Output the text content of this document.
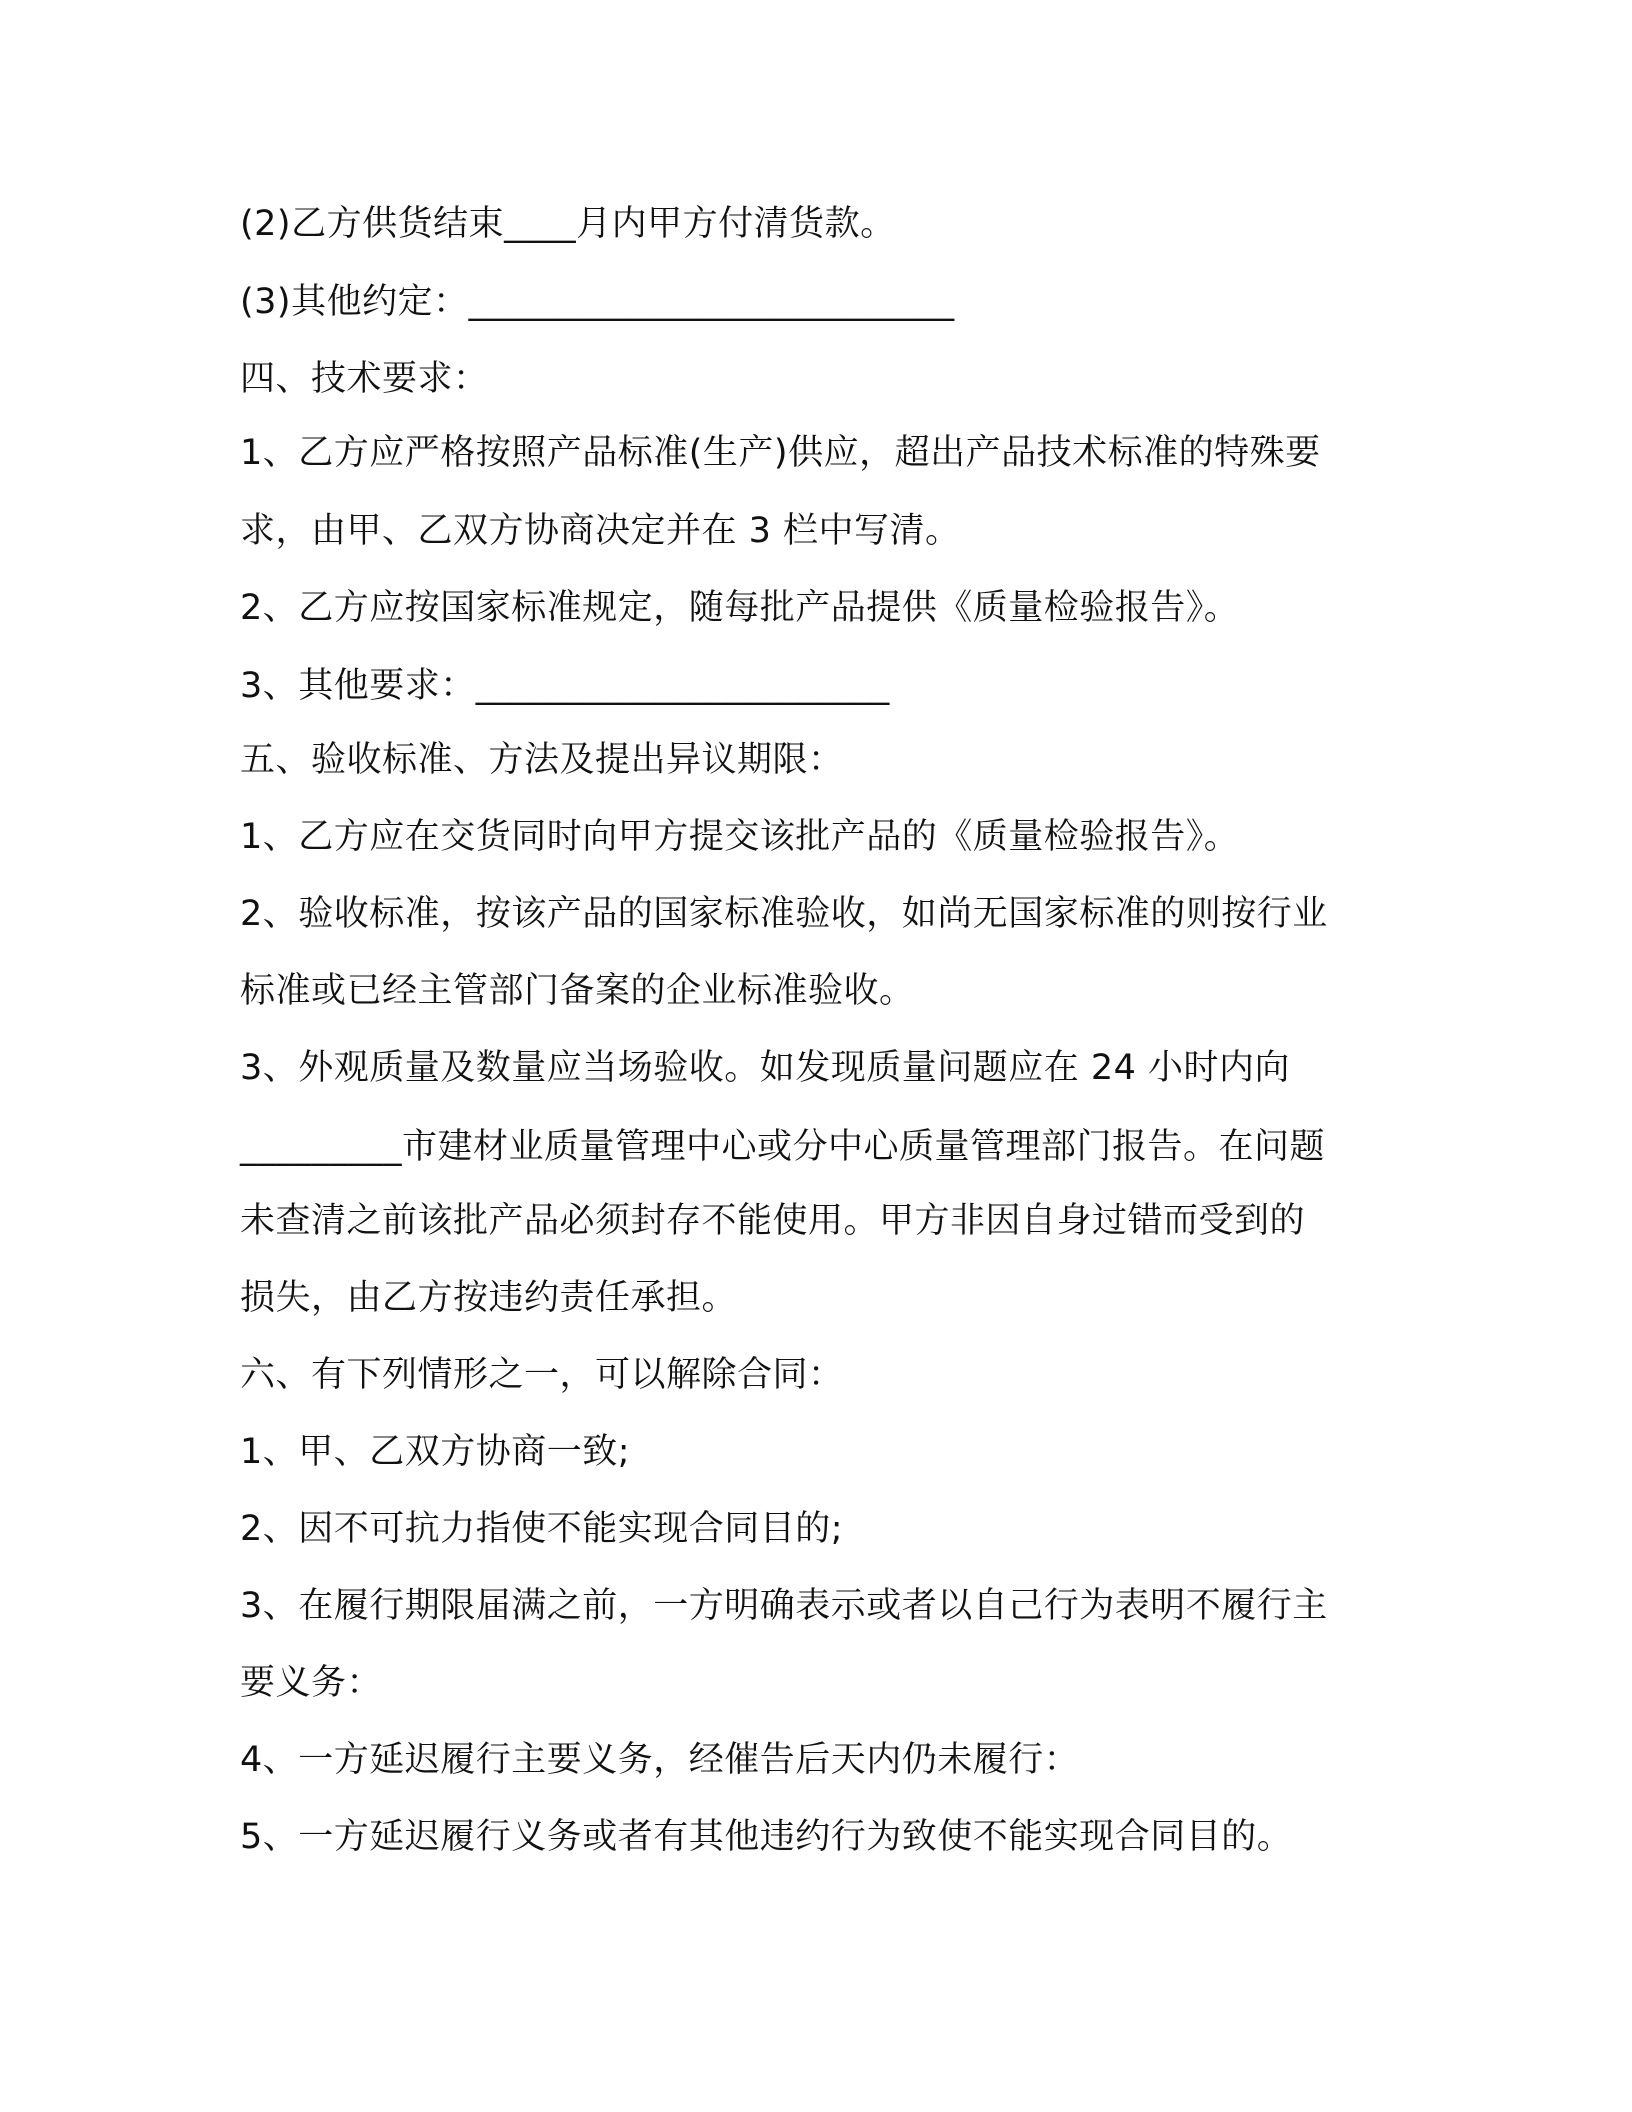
(2)乙方供货结束____月内甲方付清货款。
(3)其他约定：___________________________
四、技术要求：
1、乙方应严格按照产品标准(生产)供应，超出产品技术标准的特殊要
求，由甲、乙双方协商决定并在 3 栏中写清。
2、乙方应按国家标准规定，随每批产品提供《质量检验报告》。
3、其他要求：_______________________
五、验收标准、方法及提出异议期限：
1、乙方应在交货同时向甲方提交该批产品的《质量检验报告》。
2、验收标准，按该产品的国家标准验收，如尚无国家标准的则按行业
标准或已经主管部门备案的企业标准验收。
3、外观质量及数量应当场验收。如发现质量问题应在 24 小时内向
_________市建材业质量管理中心或分中心质量管理部门报告。在问题
未查清之前该批产品必须封存不能使用。甲方非因自身过错而受到的
损失，由乙方按违约责任承担。
六、有下列情形之一，可以解除合同：
1、甲、乙双方协商一致;
2、因不可抗力指使不能实现合同目的;
3、在履行期限届满之前，一方明确表示或者以自己行为表明不履行主
要义务：
4、一方延迟履行主要义务，经催告后天内仍未履行：
5、一方延迟履行义务或者有其他违约行为致使不能实现合同目的。
